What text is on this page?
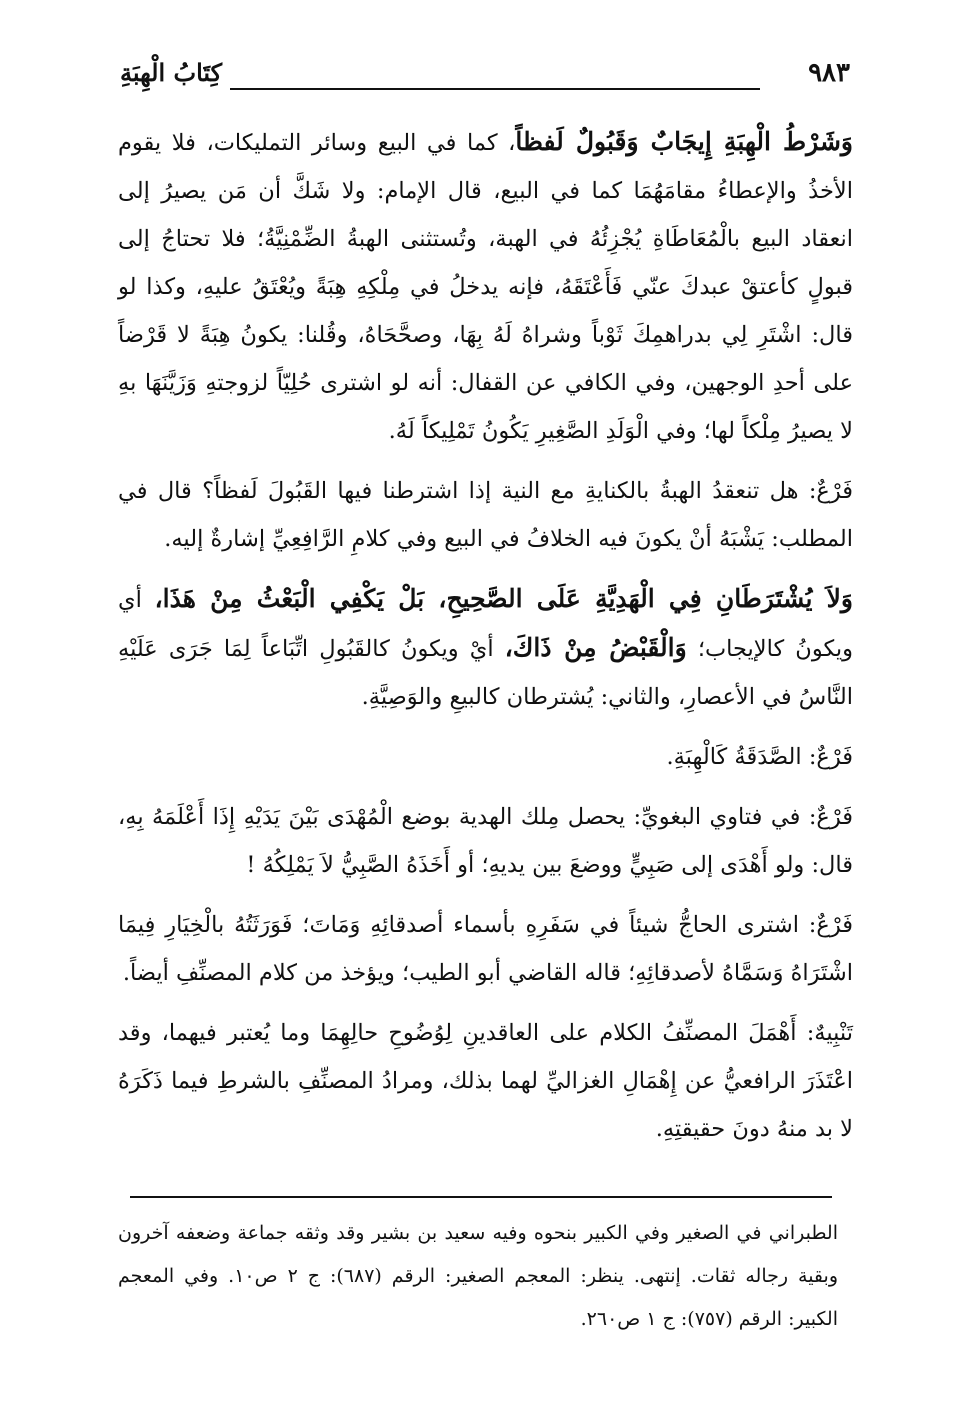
٩٨٣
كِتَابُ الْهِبَةِ

وَشَرْطُ الْهِبَةِ إِيجَابٌ وَقَبُولٌ لَفظاً، كما في البيع وسائر التمليكات، فلا يقوم الأخذُ والإعطاءُ مقامَهُمَا كما في البيع، قال الإمام: ولا شَكَّ أن مَن يصيرُ إلى انعقاد البيع بالْمُعَاطَاةِ يُجْزِئُهُ في الهبة، وتُستثنى الهبةُ الضِّمْنِيَّةُ؛ فلا تحتاجُ إلى قبولٍ كأعتقْ عبدكَ عنّي فَأَعْتَقَهُ، فإنه يدخلُ في مِلْكِهِ هِبَةً ويُعْتَقُ عليهِ، وكذا لو قال: اشْتَرِ لِي بدراهمِكَ ثَوْباً وشراهُ لَهُ بِهَا، وصحَّحَاهُ، وقُلنا: يكونُ هِبَةً لا قَرْضاً على أحدِ الوجهين، وفي الكافي عن القفال: أنه لو اشترى حُلِيّاً لزوجتهِ وَزَيَّنَهَا بهِ لا يصيرُ مِلْكاً لها؛ وفي الْوَلَدِ الصَّغِيرِ يَكُونُ تَمْلِيكاً لَهُ.

فَرْعٌ: هل تنعقدُ الهبةُ بالكنايةِ مع النية إذا اشترطنا فيها القَبُولَ لَفظاً؟ قال في المطلب: يَشْبَهُ أنْ يكونَ فيه الخلافُ في البيع وفي كلامِ الرَّافِعِيِّ إشارةٌ إليه.

وَلاَ يُشْتَرَطَانِ فِي الْهَدِيَّةِ عَلَى الصَّحِيحِ، بَلْ يَكْفِي الْبَعْثُ مِنْ هَذَا، أي ويكونُ كالإيجاب؛ وَالْقَبْضُ مِنْ ذَاكَ، أيْ ويكونُ كالقَبُولِ اتِّبَاعاً لِمَا جَرَى عَلَيْهِ النَّاسُ في الأعصارِ، والثاني: يُشترطان كالبيعِ والوَصِيَّةِ.

فَرْعٌ: الصَّدَقَةُ كَالْهِبَةِ.

فَرْعٌ: في فتاوي البغويِّ: يحصل مِلك الهدية بوضع الْمُهْدَى بَيْنَ يَدَيْهِ إِذَا أَعْلَمَهُ بِهِ، قال: ولو أَهْدَى إلى صَبِيٍّ ووضعَ بين يديهِ؛ أو أَخَذَهُ الصَّبِيُّ لاَ يَمْلِكُهُ !

فَرْعٌ: اشترى الحاجُّ شيئاً في سَفَرِهِ بأسماء أصدقائِهِ وَمَاتَ؛ فَوَرَثَتُهُ بالْخِيَارِ فِيمَا اشْتَرَاهُ وَسَمَّاهُ لأصدقائِهِ؛ قاله القاضي أبو الطيب؛ ويؤخذ من كلام المصنِّفِ أيضاً.

تَنْبِيهٌ: أَهْمَلَ المصنِّفُ الكلام على العاقدينِ لِوُضُوحِ حالِهِمَا وما يُعتبر فيهما، وقد اعْتَذَرَ الرافعيُّ عن إِهْمَالِ الغزاليِّ لهما بذلك، ومرادُ المصنِّفِ بالشرطِ فيما ذَكَرَهُ لا بد منهُ دونَ حقيقتِهِ.

الطبراني في الصغير وفي الكبير بنحوه وفيه سعيد بن بشير وقد وثقه جماعة وضعفه آخرون وبقية رجاله ثقات. إنتهى. ينظر: المعجم الصغير: الرقم (٦٨٧): ج ٢ ص١٠. وفي المعجم الكبير: الرقم (٧٥٧): ج ١ ص٢٦٠.
